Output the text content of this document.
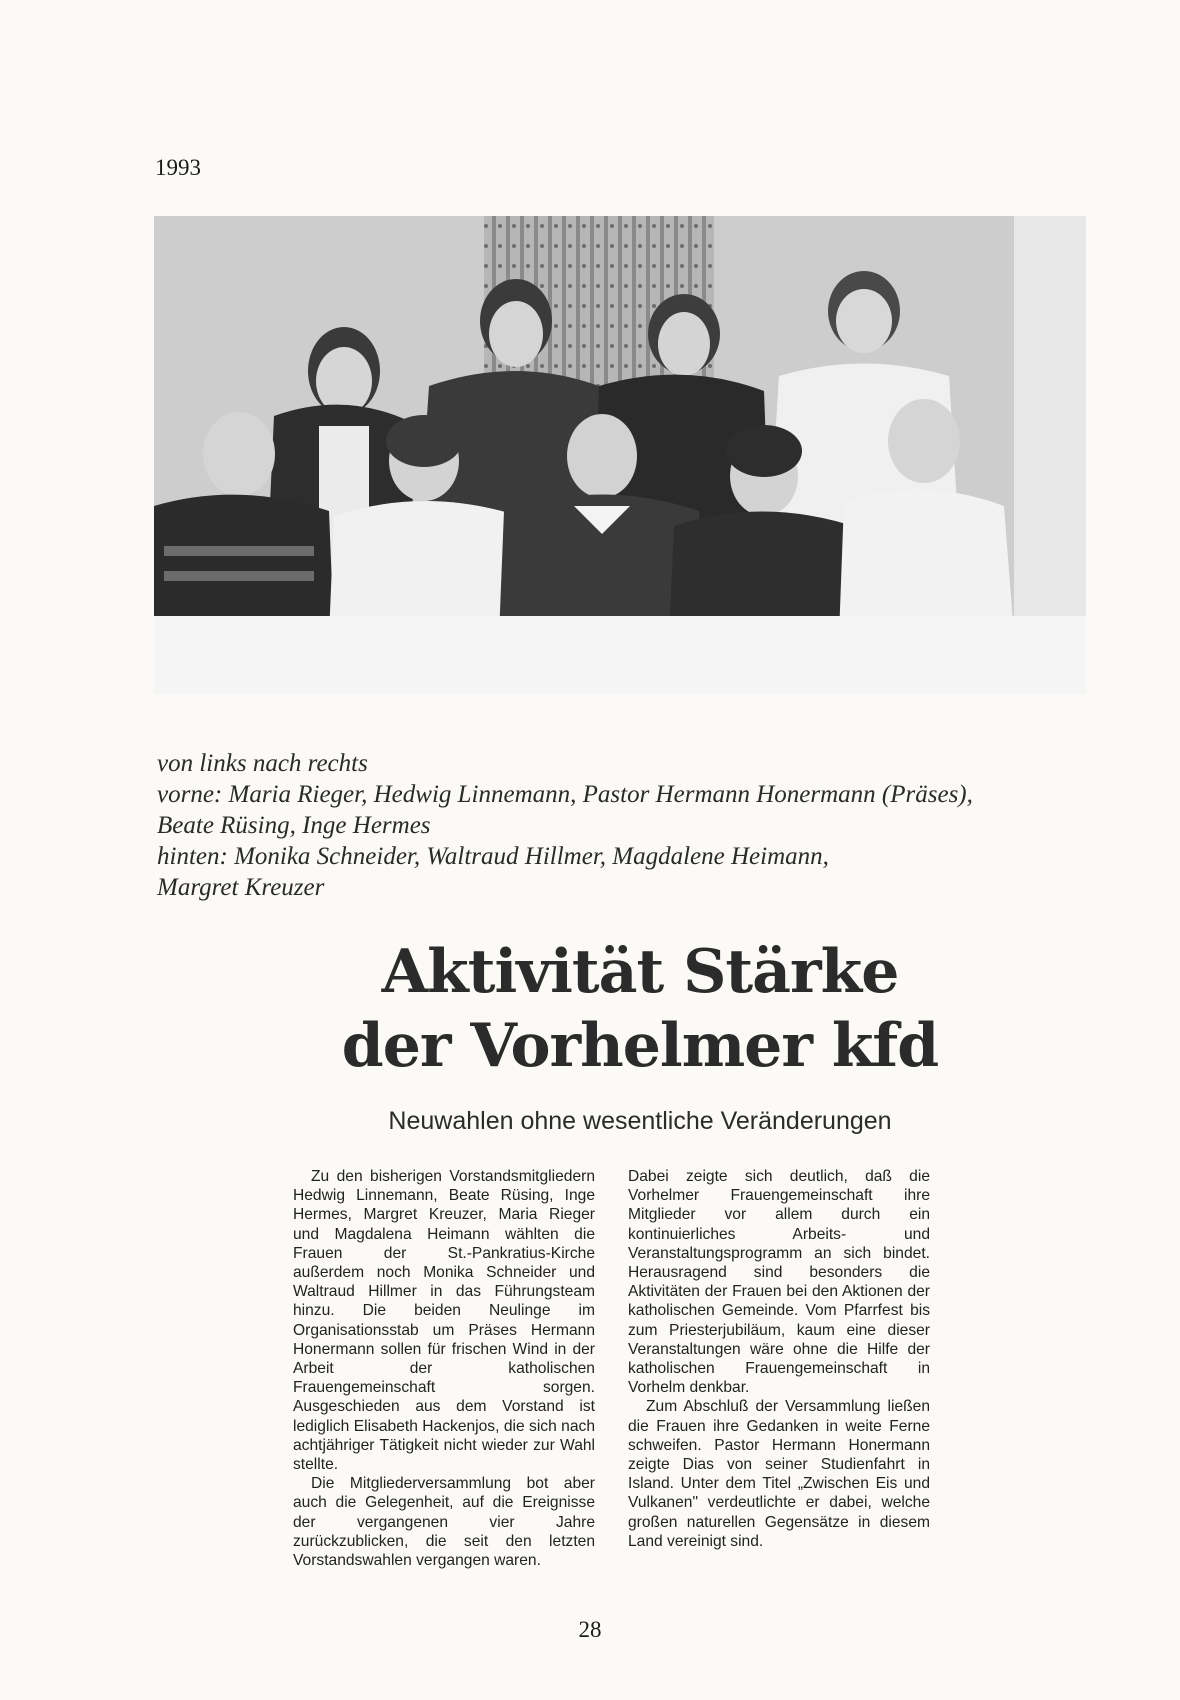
1993
von links nach rechts
vorne: Maria Rieger, Hedwig Linnemann, Pastor Hermann Honermann (Präses),
Beate Rüsing, Inge Hermes
hinten: Monika Schneider, Waltraud Hillmer, Magdalene Heimann,
Margret Kreuzer
Aktivität Stärke
der Vorhelmer kfd
Neuwahlen ohne wesentliche Veränderungen

Zu den bisherigen Vorstandsmitgliedern Hedwig Linnemann, Beate Rüsing, Inge Hermes, Margret Kreuzer, Maria Rieger und Magdalena Heimann wählten die Frauen der St.-Pankratius-Kirche außerdem noch Monika Schneider und Waltraud Hillmer in das Führungsteam hinzu. Die beiden Neulinge im Organisationsstab um Präses Hermann Honermann sollen für frischen Wind in der Arbeit der katholischen Frauengemeinschaft sorgen. Ausgeschieden aus dem Vorstand ist lediglich Elisabeth Hackenjos, die sich nach achtjähriger Tätigkeit nicht wieder zur Wahl stellte.

Die Mitgliederversammlung bot aber auch die Gelegenheit, auf die Ereignisse der vergangenen vier Jahre zurückzublicken, die seit den letzten Vorstandswahlen vergangen waren.

Dabei zeigte sich deutlich, daß die Vorhelmer Frauengemeinschaft ihre Mitglieder vor allem durch ein kontinuierliches Arbeits- und Veranstaltungsprogramm an sich bindet. Herausragend sind besonders die Aktivitäten der Frauen bei den Aktionen der katholischen Gemeinde. Vom Pfarrfest bis zum Priesterjubiläum, kaum eine dieser Veranstaltungen wäre ohne die Hilfe der katholischen Frauengemeinschaft in Vorhelm denkbar.

Zum Abschluß der Versammlung ließen die Frauen ihre Gedanken in weite Ferne schweifen. Pastor Hermann Honermann zeigte Dias von seiner Studienfahrt in Island. Unter dem Titel „Zwischen Eis und Vulkanen" verdeutlichte er dabei, welche großen naturellen Gegensätze in diesem Land vereinigt sind.

28
